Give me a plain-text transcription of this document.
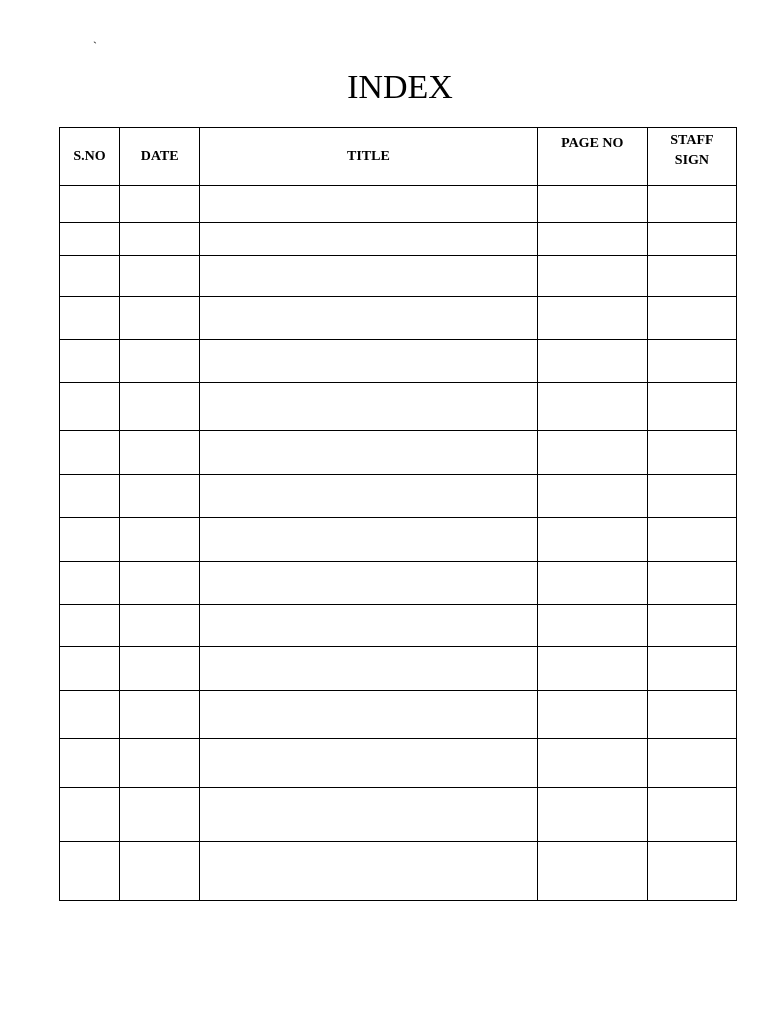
`
INDEX
S.NO	DATE	TITLE	PAGE NO	STAFF
SIGN
